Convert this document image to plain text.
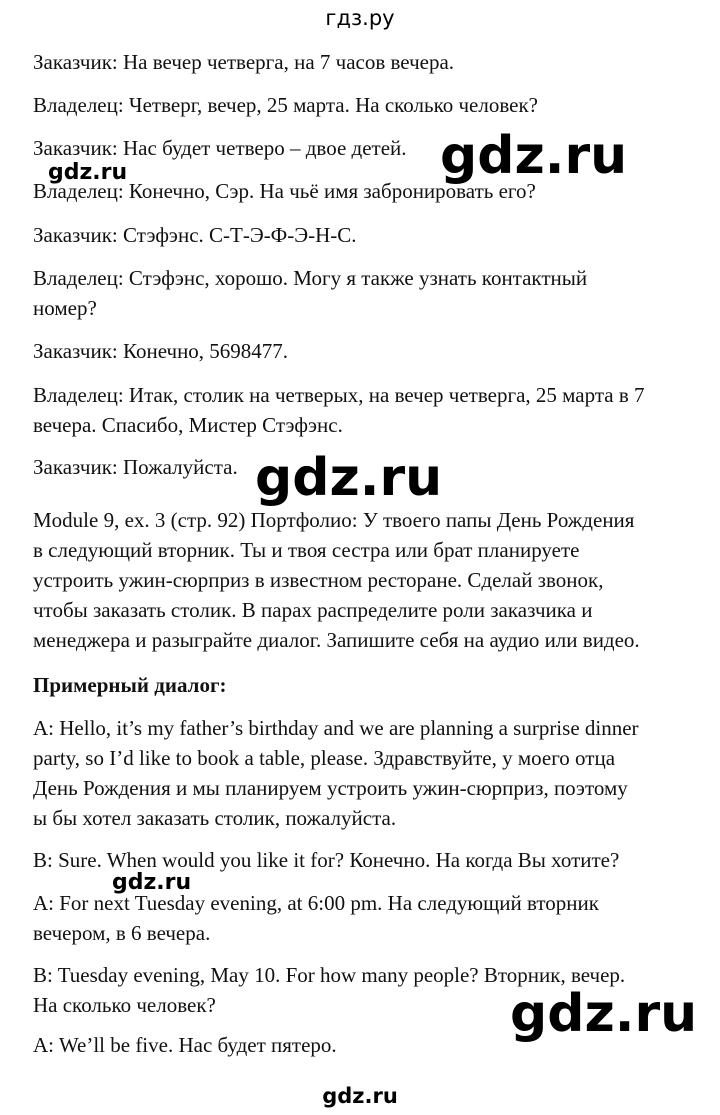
гдз.ру
Заказчик: На вечер четверга, на 7 часов вечера.
Владелец: Четверг, вечер, 25 марта. На сколько человек?
Заказчик: Нас будет четверо – двое детей.
Владелец: Конечно, Сэр. На чьё имя забронировать его?
Заказчик: Стэфэнс. С-Т-Э-Ф-Э-Н-С.
Владелец: Стэфэнс, хорошо. Могу я также узнать контактный
номер?
Заказчик: Конечно, 5698477.
Владелец: Итак, столик на четверых, на вечер четверга, 25 марта в 7
вечера. Спасибо, Мистер Стэфэнс.
Заказчик: Пожалуйста.
Module 9, ex. 3 (стр. 92) Портфолио: У твоего папы День Рождения
в следующий вторник. Ты и твоя сестра или брат планируете
устроить ужин-сюрприз в известном ресторане. Сделай звонок,
чтобы заказать столик. В парах распределите роли заказчика и
менеджера и разыграйте диалог. Запишите себя на аудио или видео.
Примерный диалог:
A: Hello, it’s my father’s birthday and we are planning a surprise dinner
party, so I’d like to book a table, please. Здравствуйте, у моего отца
День Рождения и мы планируем устроить ужин-сюрприз, поэтому
ы бы хотел заказать столик, пожалуйста.
B: Sure. When would you like it for? Конечно. На когда Вы хотите?
A: For next Tuesday evening, at 6:00 pm. На следующий вторник
вечером, в 6 вечера.
B: Tuesday evening, May 10. For how many people? Вторник, вечер.
На сколько человек?
A: We’ll be five. Нас будет пятеро.
gdz.ru
gdz.ru
gdz.ru
gdz.ru
gdz.ru
gdz.ru
